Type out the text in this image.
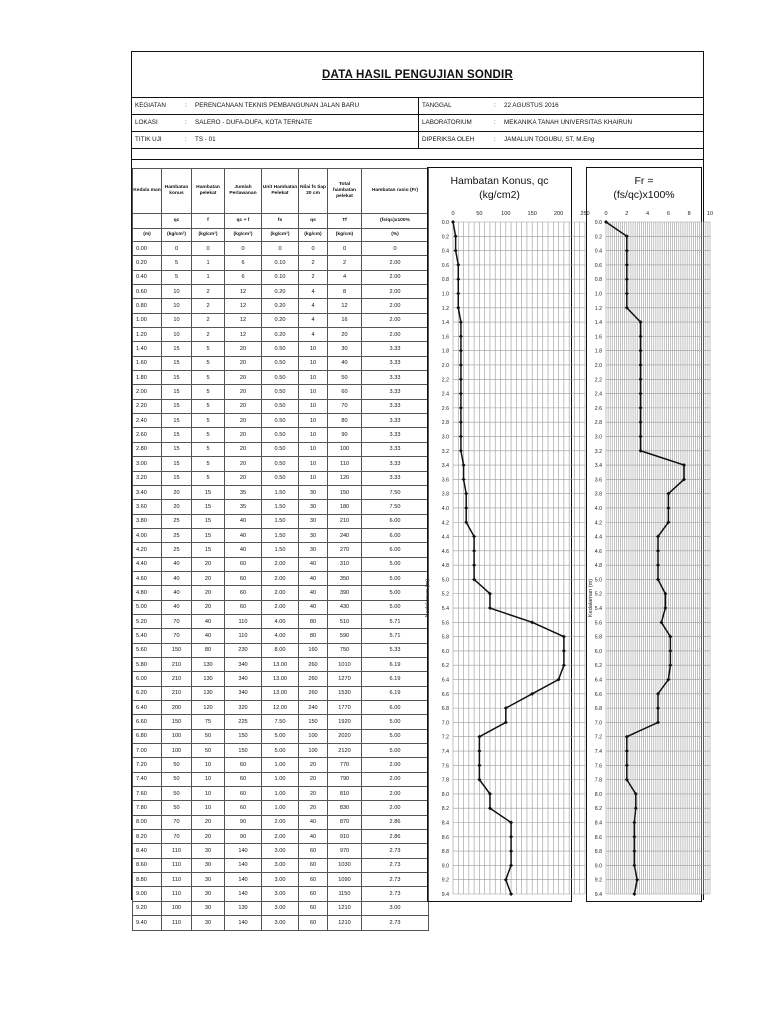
DATA HASIL PENGUJIAN SONDIR
KEGIATAN	: PERENCANAAN TEKNIS PEMBANGUNAN JALAN BARU	TANGGAL	: 22 AGUSTUS 2016
LOKASI	: SALERO - DUFA-DUFA, KOTA TERNATE	LABORATORIUM	: MEKANIKA TANAH UNIVERSITAS KHAIRUN
TITIK UJI	: TS - 01	DIPERIKSA OLEH	: JAMALUN TOGUBU, ST, M.Eng
Kedala man	Hambatan konus	Hambatan pelekat	Jumlah Perlawanan	Unit Hambatan Pelekat	Nilai fs tiap 20 cm	Total hambatan pelekat	Hambatan rasio (Fr)
	qc	f	qc + f	fs	qs	Tf	(fs/qc)x100%
(m)	(kg/cm²)	(kg/cm²)	(kg/cm²)	(kg/cm²)	(kg/cm)	(kg/cm)	(%)
0.00	0	0	0	0	0	0	0
0.20	5	1	6	0.10	2	2	2.00
0.40	5	1	6	0.10	2	4	2.00
0.60	10	2	12	0.20	4	8	2.00
0.80	10	2	12	0.20	4	12	2.00
1.00	10	2	12	0.20	4	16	2.00
1.20	10	2	12	0.20	4	20	2.00
1.40	15	5	20	0.50	10	30	3.33
1.60	15	5	20	0.50	10	40	3.33
1.80	15	5	20	0.50	10	50	3.33
2.00	15	5	20	0.50	10	60	3.33
2.20	15	5	20	0.50	10	70	3.33
2.40	15	5	20	0.50	10	80	3.33
2.60	15	5	20	0.50	10	90	3.33
2.80	15	5	20	0.50	10	100	3.33
3.00	15	5	20	0.50	10	110	3.33
3.20	15	5	20	0.50	10	120	3.33
3.40	20	15	35	1.50	30	150	7.50
3.60	20	15	35	1.50	30	180	7.50
3.80	25	15	40	1.50	30	210	6.00
4.00	25	15	40	1.50	30	240	6.00
4.20	25	15	40	1.50	30	270	6.00
4.40	40	20	60	2.00	40	310	5.00
4.60	40	20	60	2.00	40	350	5.00
4.80	40	20	60	2.00	40	390	5.00
5.00	40	20	60	2.00	40	430	5.00
5.20	70	40	110	4.00	80	510	5.71
5.40	70	40	110	4.00	80	590	5.71
5.60	150	80	230	8.00	160	750	5.33
5.80	210	130	340	13.00	260	1010	6.19
6.00	210	130	340	13.00	260	1270	6.19
6.20	210	130	340	13.00	260	1530	6.19
6.40	200	120	320	12.00	240	1770	6.00
6.60	150	75	225	7.50	150	1920	5.00
6.80	100	50	150	5.00	100	2020	5.00
7.00	100	50	150	5.00	100	2120	5.00
7.20	50	10	60	1.00	20	770	2.00
7.40	50	10	60	1.00	20	790	2.00
7.60	50	10	60	1.00	20	810	2.00
7.80	50	10	60	1.00	20	830	2.00
8.00	70	20	90	2.00	40	870	2.86
8.20	70	20	90	2.00	40	910	2.86
8.40	110	30	140	3.00	60	970	2.73
8.60	110	30	140	3.00	60	1030	2.73
8.80	110	30	140	3.00	60	1090	2.73
9.00	110	30	140	3.00	60	1150	2.73
9.20	100	30	130	3.00	60	1210	3.00
9.40	110	30	140	3.00	60	1210	2.73
Hambatan Konus, qc
(kg/cm2)
0.0
0.2
0.4
0.6
0.8
1.0
1.2
1.4
1.6
1.8
2.0
2.2
2.4
2.6
2.8
3.0
3.2
3.4
3.6
3.8
4.0
4.2
4.4
4.6
4.8
5.0
5.2
5.4
5.6
5.8
6.0
6.2
6.4
6.6
6.8
7.0
7.2
7.4
7.6
7.8
8.0
8.2
8.4
8.6
8.8
9.0
9.2
9.4
0	50	100	150	200	250
Kedalaman (m)
Fr =
(fs/qc)x100%
0.0
0.2
0.4
0.6
0.8
1.0
1.2
1.4
1.6
1.8
2.0
2.2
2.4
2.6
2.8
3.0
3.2
3.4
3.6
3.8
4.0
4.2
4.4
4.6
4.8
5.0
5.2
5.4
5.6
5.8
6.0
6.2
6.4
6.6
6.8
7.0
7.2
7.4
7.6
7.8
8.0
8.2
8.4
8.6
8.8
9.0
9.2
9.4
0	2	4	6	8	10
Kedalaman (m)
